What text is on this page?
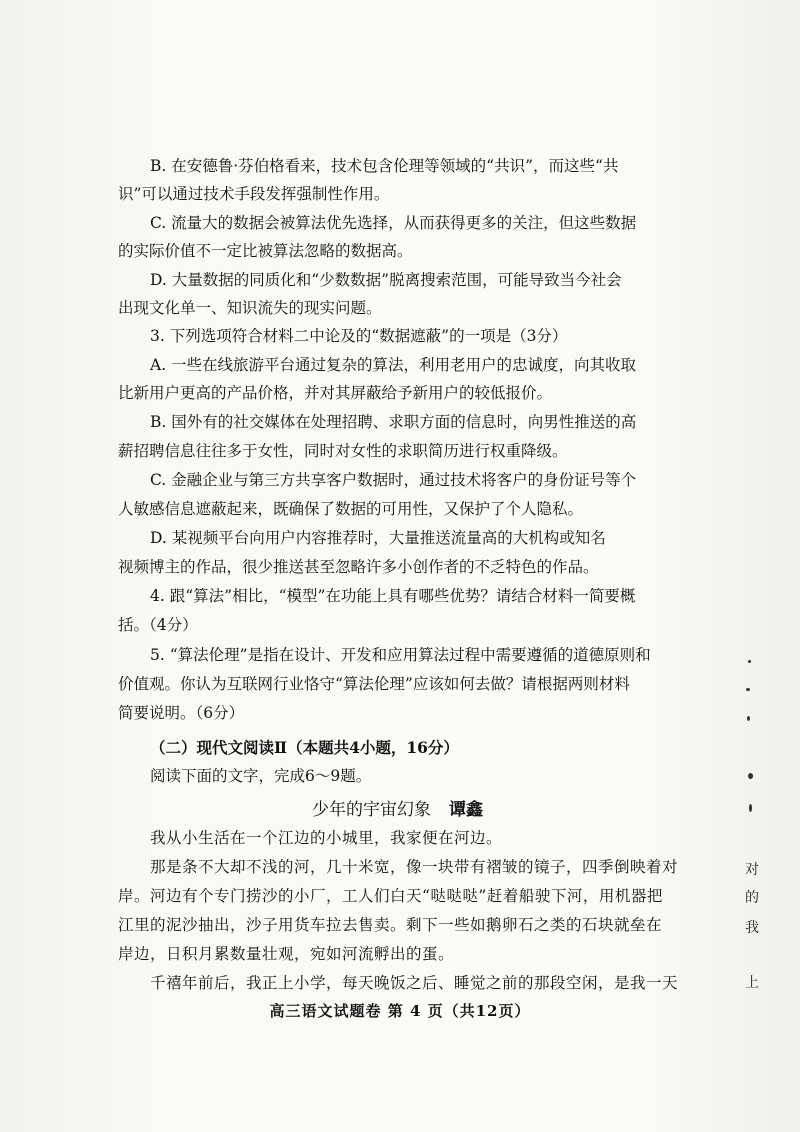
B. 在安德鲁·芬伯格看来，技术包含伦理等领域的“共识”，而这些“共
识”可以通过技术手段发挥强制性作用。
C. 流量大的数据会被算法优先选择，从而获得更多的关注，但这些数据
的实际价值不一定比被算法忽略的数据高。
D. 大量数据的同质化和“少数数据”脱离搜索范围，可能导致当今社会
出现文化单一、知识流失的现实问题。
3. 下列选项符合材料二中论及的“数据遮蔽”的一项是（3分）
A. 一些在线旅游平台通过复杂的算法，利用老用户的忠诚度，向其收取
比新用户更高的产品价格，并对其屏蔽给予新用户的较低报价。
B. 国外有的社交媒体在处理招聘、求职方面的信息时，向男性推送的高
薪招聘信息往往多于女性，同时对女性的求职简历进行权重降级。
C. 金融企业与第三方共享客户数据时，通过技术将客户的身份证号等个
人敏感信息遮蔽起来，既确保了数据的可用性，又保护了个人隐私。
D. 某视频平台向用户内容推荐时，大量推送流量高的大机构或知名
视频博主的作品，很少推送甚至忽略许多小创作者的不乏特色的作品。
4. 跟“算法”相比，“模型”在功能上具有哪些优势？请结合材料一简要概
括。（4分）
5. “算法伦理”是指在设计、开发和应用算法过程中需要遵循的道德原则和
价值观。你认为互联网行业恪守“算法伦理”应该如何去做？请根据两则材料
简要说明。（6分）
（二）现代文阅读Ⅱ（本题共4小题，16分）
阅读下面的文字，完成6～9题。
少年的宇宙幻象 谭鑫
我从小生活在一个江边的小城里，我家便在河边。
那是条不大却不浅的河，几十米宽，像一块带有褶皱的镜子，四季倒映着对
岸。河边有个专门捞沙的小厂，工人们白天“哒哒哒”赶着船驶下河，用机器把
江里的泥沙抽出，沙子用货车拉去售卖。剩下一些如鹅卵石之类的石块就垒在
岸边，日积月累数量壮观，宛如河流孵出的蛋。
千禧年前后，我正上小学，每天晚饭之后、睡觉之前的那段空闲，是我一天
高三语文试题卷 第 4 页（共12页）
对
的
我
上
